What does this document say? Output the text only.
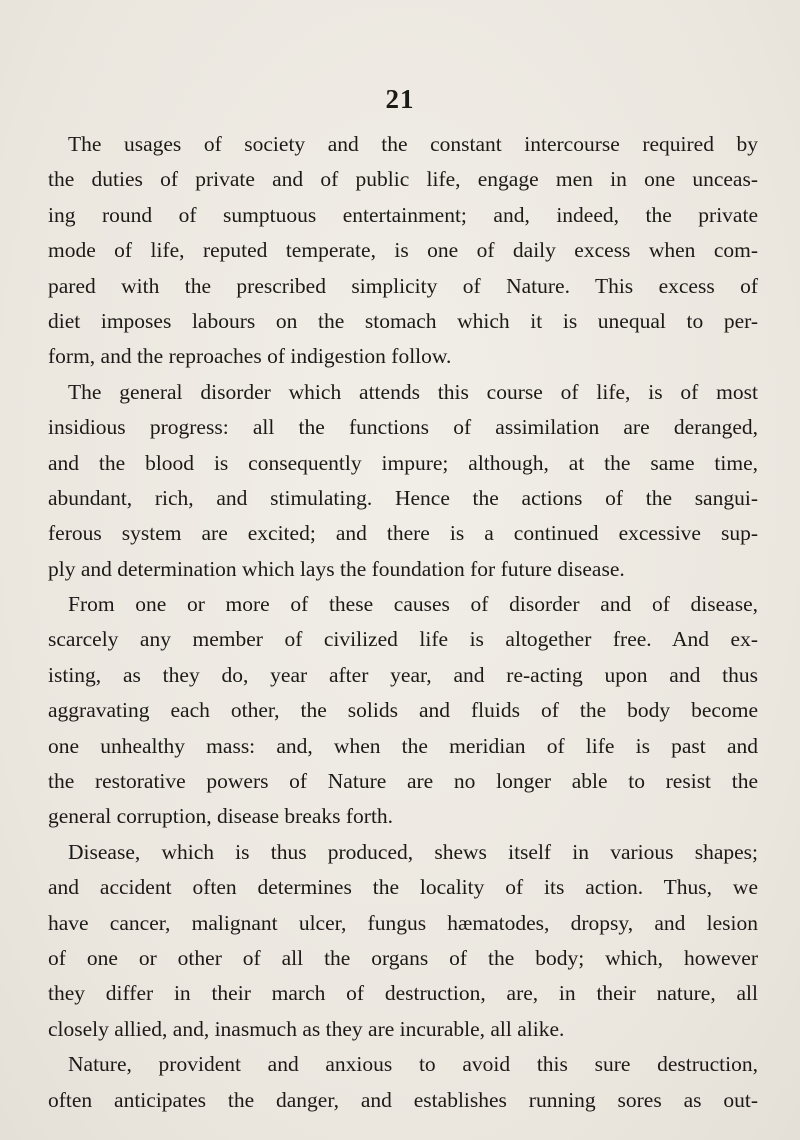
21
The usages of society and the constant intercourse required by
the duties of private and of public life, engage men in one unceas-
ing round of sumptuous entertainment; and, indeed, the private
mode of life, reputed temperate, is one of daily excess when com-
pared with the prescribed simplicity of Nature. This excess of
diet imposes labours on the stomach which it is unequal to per-
form, and the reproaches of indigestion follow.
The general disorder which attends this course of life, is of most
insidious progress: all the functions of assimilation are deranged,
and the blood is consequently impure; although, at the same time,
abundant, rich, and stimulating. Hence the actions of the sangui-
ferous system are excited; and there is a continued excessive sup-
ply and determination which lays the foundation for future disease.
From one or more of these causes of disorder and of disease,
scarcely any member of civilized life is altogether free. And ex-
isting, as they do, year after year, and re-acting upon and thus
aggravating each other, the solids and fluids of the body become
one unhealthy mass: and, when the meridian of life is past and
the restorative powers of Nature are no longer able to resist the
general corruption, disease breaks forth.
Disease, which is thus produced, shews itself in various shapes;
and accident often determines the locality of its action. Thus, we
have cancer, malignant ulcer, fungus hæmatodes, dropsy, and lesion
of one or other of all the organs of the body; which, however
they differ in their march of destruction, are, in their nature, all
closely allied, and, inasmuch as they are incurable, all alike.
Nature, provident and anxious to avoid this sure destruction,
often anticipates the danger, and establishes running sores as out-
